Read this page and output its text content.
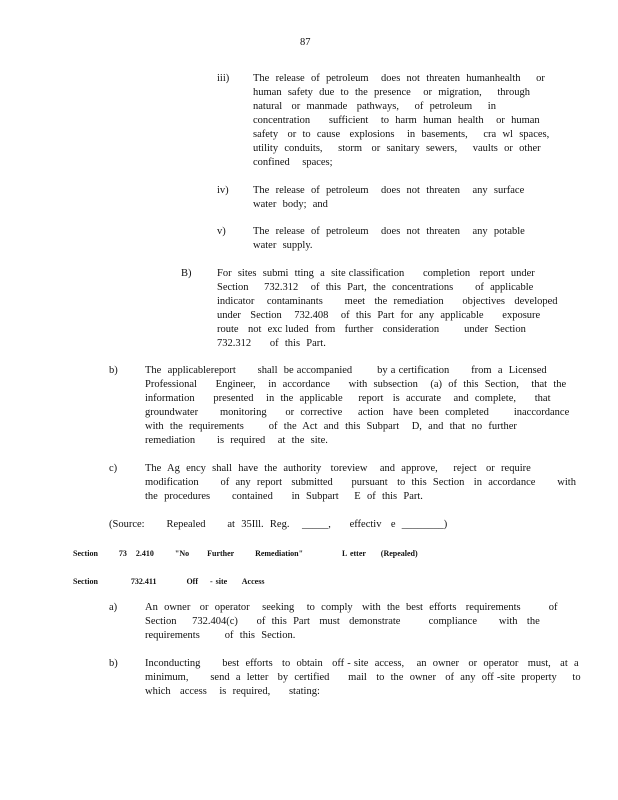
87
iii) The  release  of  petroleum    does  not  threaten  humanhealth     or
human  safety  due  to  the  presence    or  migration,     through
natural   or  manmade   pathways,     of  petroleum     in
concentration      sufficient    to  harm  human  health    or  human
safety   or  to  cause   explosions    in  basements,     cra  wl  spaces,
utility  conduits,     storm   or  sanitary  sewers,     vaults  or  other
confined    spaces;
iv) The  release  of  petroleum    does  not  threaten    any  surface
water  body;  and
v)	The  release  of  petroleum    does  not  threaten    any  potable
water  supply.
B) For  sites  submi  tting  a  site classification      completion   report  under
Section     732.312    of  this  Part,  the  concentrations       of  applicable
indicator    contaminants       meet   the  remediation      objectives   developed
under   Section    732.408    of  this  Part  for  any  applicable      exposure
route   not  exc luded  from   further   consideration        under  Section
732.312      of  this  Part.
b)	The  applicablereport       shall  be accompanied        by a certification       from  a  Licensed
Professional      Engineer,    in  accordance      with  subsection    (a)  of  this  Section,    that  the
information      presented    in  the  applicable     report   is  accurate    and  complete,      that
groundwater       monitoring      or  corrective     action   have  been  completed        inaccordance
with  the  requirements        of  the  Act  and  this  Subpart    D,  and  that  no  further
remediation       is  required    at  the  site.
c)	The  Ag  ency  shall  have  the  authority   toreview    and  approve,     reject   or  require
modification       of  any  report   submitted      pursuant   to  this  Section   in  accordance       with
the  procedures       contained      in  Subpart     E  of  this  Part.
(Source:       Repealed       at  35Ill.  Reg.    _____,      effectiv   e  ________)
Section       73   2.410       "No      Further       Remediation"             L etter     (Repealed)
Section           732.411          Off    - site     Access
a)	An  owner   or  operator    seeking    to  comply   with  the  best  efforts   requirements         of
Section     732.404(c)      of  this  Part   must   demonstrate         compliance       with   the
requirements        of  this  Section.
b)	Inconducting       best  efforts   to  obtain   off - site  access,    an  owner   or  operator   must,   at  a
minimum,       send  a  letter   by  certified      mail   to  the  owner   of  any  off -site  property     to
which   access    is  required,      stating:
